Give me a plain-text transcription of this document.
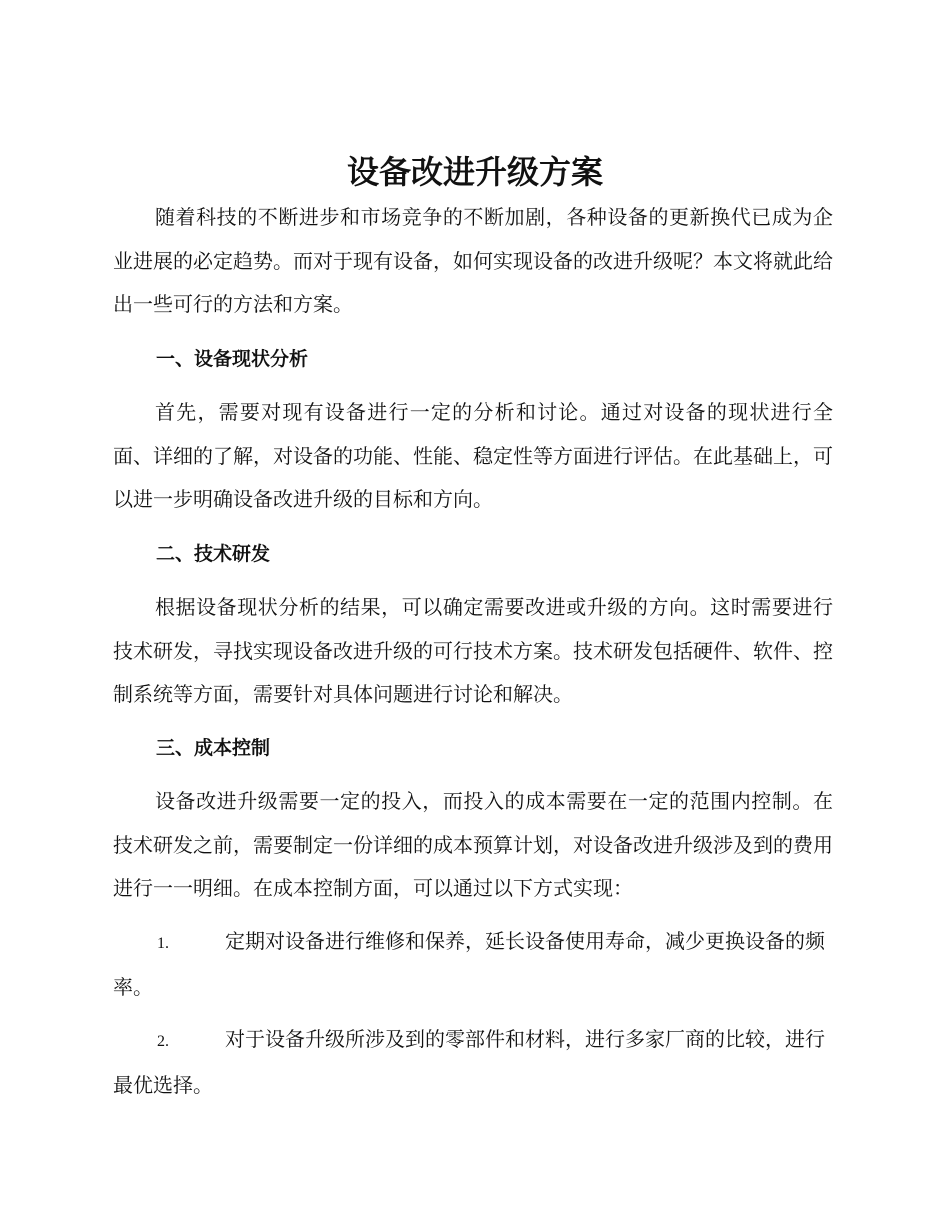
设备改进升级方案

随着科技的不断进步和市场竞争的不断加剧，各种设备的更新换代已成为企业进展的必定趋势。而对于现有设备，如何实现设备的改进升级呢？本文将就此给出一些可行的方法和方案。

一、设备现状分析

首先，需要对现有设备进行一定的分析和讨论。通过对设备的现状进行全面、详细的了解，对设备的功能、性能、稳定性等方面进行评估。在此基础上，可以进一步明确设备改进升级的目标和方向。

二、技术研发

根据设备现状分析的结果，可以确定需要改进或升级的方向。这时需要进行技术研发，寻找实现设备改进升级的可行技术方案。技术研发包括硬件、软件、控制系统等方面，需要针对具体问题进行讨论和解决。

三、成本控制

设备改进升级需要一定的投入，而投入的成本需要在一定的范围内控制。在技术研发之前，需要制定一份详细的成本预算计划，对设备改进升级涉及到的费用进行一一明细。在成本控制方面，可以通过以下方式实现：

1.	定期对设备进行维修和保养，延长设备使用寿命，减少更换设备的频率。

2.	对于设备升级所涉及到的零部件和材料，进行多家厂商的比较，进行最优选择。
